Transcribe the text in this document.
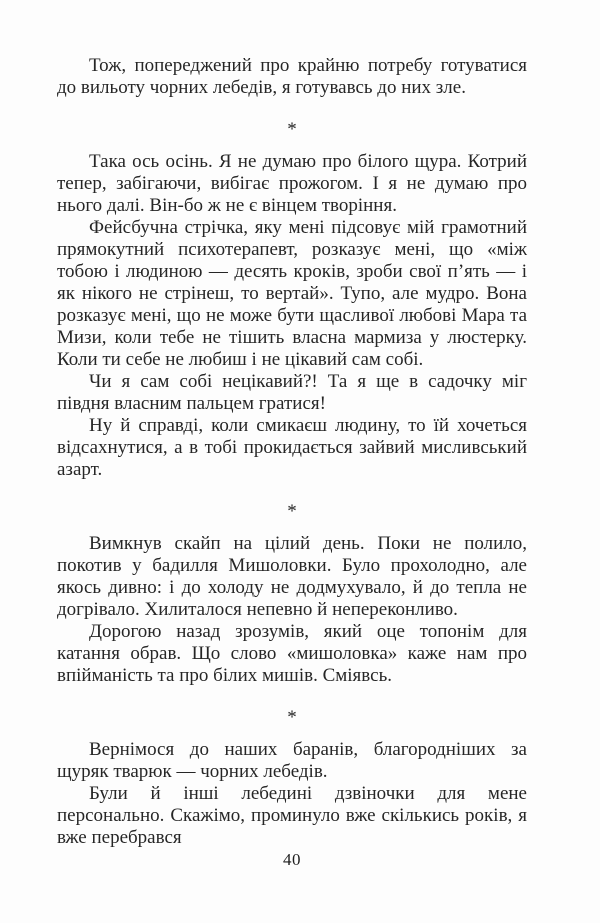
Тож, попереджений про крайню потребу готуватися до вильоту чорних лебедів, я готувавсь до них зле.

*

Така ось осінь. Я не думаю про білого щура. Котрий тепер, забігаючи, вибігає прожогом. І я не думаю про нього далі. Він-бо ж не є вінцем творіння.

Фейсбучна стрічка, яку мені підсовує мій грамотний прямокутний психотерапевт, розказує мені, що «між тобою і людиною — десять кроків, зроби свої п’ять — і як нікого не стрінеш, то вертай». Тупо, але мудро. Вона розказує мені, що не може бути щасливої любові Мара та Мизи, коли тебе не тішить власна мармиза у люстерку. Коли ти себе не любиш і не цікавий сам собі.

Чи я сам собі нецікавий?! Та я ще в садочку міг півдня власним пальцем гратися!

Ну й справді, коли смикаєш людину, то їй хочеться відсахнутися, а в тобі прокидається зайвий мисливський азарт.

*

Вимкнув скайп на цілий день. Поки не полило, покотив у бадилля Мишоловки. Було прохолодно, але якось дивно: і до холоду не додмухувало, й до тепла не догрівало. Хилиталося непевно й непереконливо.

Дорогою назад зрозумів, який оце топонім для катання обрав. Що слово «мишоловка» каже нам про впійманість та про білих мишів. Сміявсь.

*

Вернімося до наших баранів, благородніших за щуряк тварюк — чорних лебедів.

Були й інші лебедині дзвіночки для мене персонально. Скажімо, проминуло вже скількись років, я вже перебрався

40
